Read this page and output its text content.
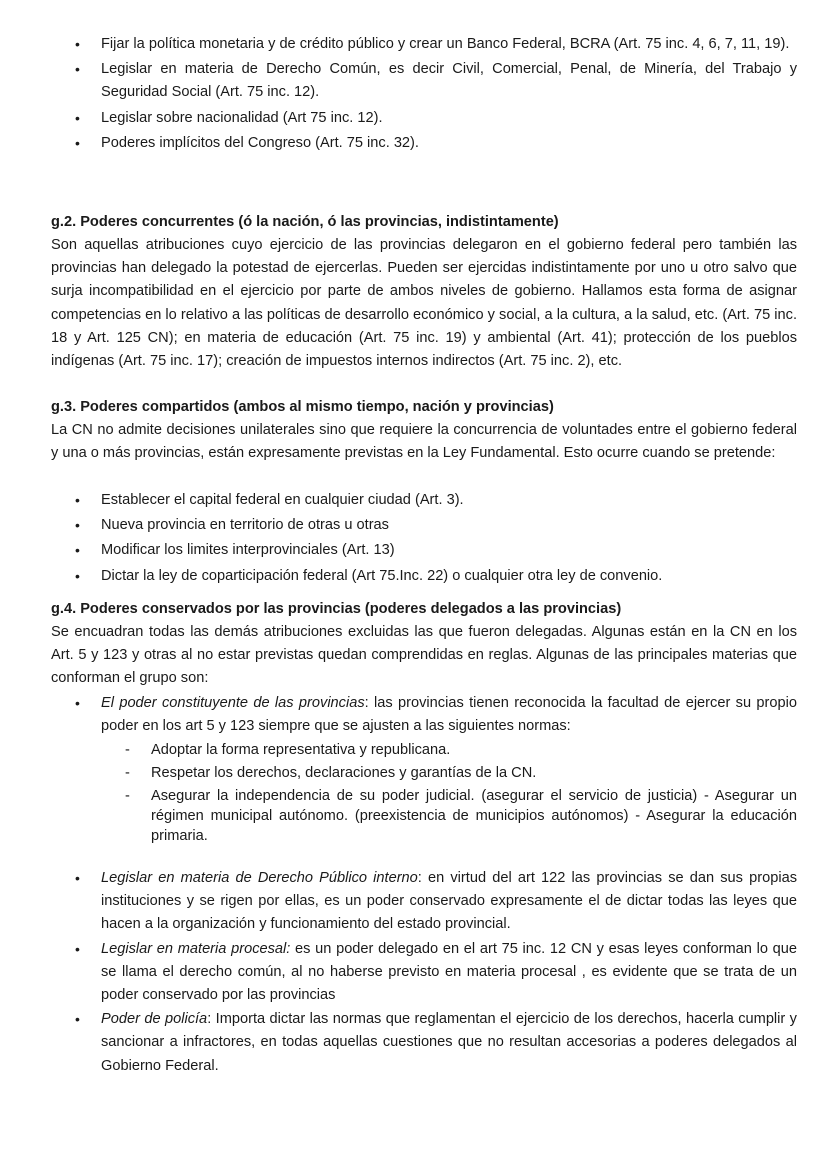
• Fijar la política monetaria y de crédito público y crear un Banco Federal, BCRA (Art. 75 inc. 4, 6, 7, 11, 19).
• Legislar en materia de Derecho Común, es decir Civil, Comercial, Penal, de Minería, del Trabajo y Seguridad Social (Art. 75 inc. 12).
• Legislar sobre nacionalidad (Art 75 inc. 12).
• Poderes implícitos del Congreso (Art. 75 inc. 32).
g.2. Poderes concurrentes (ó la nación, ó las provincias, indistintamente)

Son aquellas atribuciones cuyo ejercicio de las provincias delegaron en el gobierno federal pero también las provincias han delegado la potestad de ejercerlas. Pueden ser ejercidas indistintamente por uno u otro salvo que surja incompatibilidad en el ejercicio por parte de ambos niveles de gobierno. Hallamos esta forma de asignar competencias en lo relativo a las políticas de desarrollo económico y social, a la cultura, a la salud, etc. (Art. 75 inc. 18 y Art. 125 CN); en materia de educación (Art. 75 inc. 19) y ambiental (Art. 41); protección de los pueblos indígenas (Art. 75 inc. 17); creación de impuestos internos indirectos (Art. 75 inc. 2), etc.

g.3. Poderes compartidos (ambos al mismo tiempo, nación y provincias)

La CN no admite decisiones unilaterales sino que requiere la concurrencia de voluntades entre el gobierno federal y una o más provincias, están expresamente previstas en la Ley Fundamental. Esto ocurre cuando se pretende:

• Establecer el capital federal en cualquier ciudad (Art. 3).
• Nueva provincia en territorio de otras u otras
• Modificar los limites interprovinciales (Art. 13)
• Dictar la ley de coparticipación federal (Art 75.Inc. 22) o cualquier otra ley de convenio.
g.4. Poderes conservados por las provincias (poderes delegados a las provincias)

Se encuadran todas las demás atribuciones excluidas las que fueron delegadas. Algunas están en la CN en los Art. 5 y 123 y otras al no estar previstas quedan comprendidas en reglas. Algunas de las principales materias que conforman el grupo son:

• El poder constituyente de las provincias: las provincias tienen reconocida la facultad de ejercer su propio poder en los art 5 y 123 siempre que se ajusten a las siguientes normas:
- Adoptar la forma representativa y republicana.
- Respetar los derechos, declaraciones y garantías de la CN.
- Asegurar la independencia de su poder judicial. (asegurar el servicio de justicia) - Asegurar un régimen municipal autónomo. (preexistencia de municipios autónomos) - Asegurar la educación primaria.
• Legislar en materia de Derecho Público interno: en virtud del art 122 las provincias se dan sus propias instituciones y se rigen por ellas, es un poder conservado expresamente el de dictar todas las leyes que hacen a la organización y funcionamiento del estado provincial.
• Legislar en materia procesal: es un poder delegado en el art 75 inc. 12 CN y esas leyes conforman lo que se llama el derecho común, al no haberse previsto en materia procesal , es evidente que se trata de un poder conservado por las provincias
• Poder de policía: Importa dictar las normas que reglamentan el ejercicio de los derechos, hacerla cumplir y sancionar a infractores, en todas aquellas cuestiones que no resultan accesorias a poderes delegados al Gobierno Federal.
